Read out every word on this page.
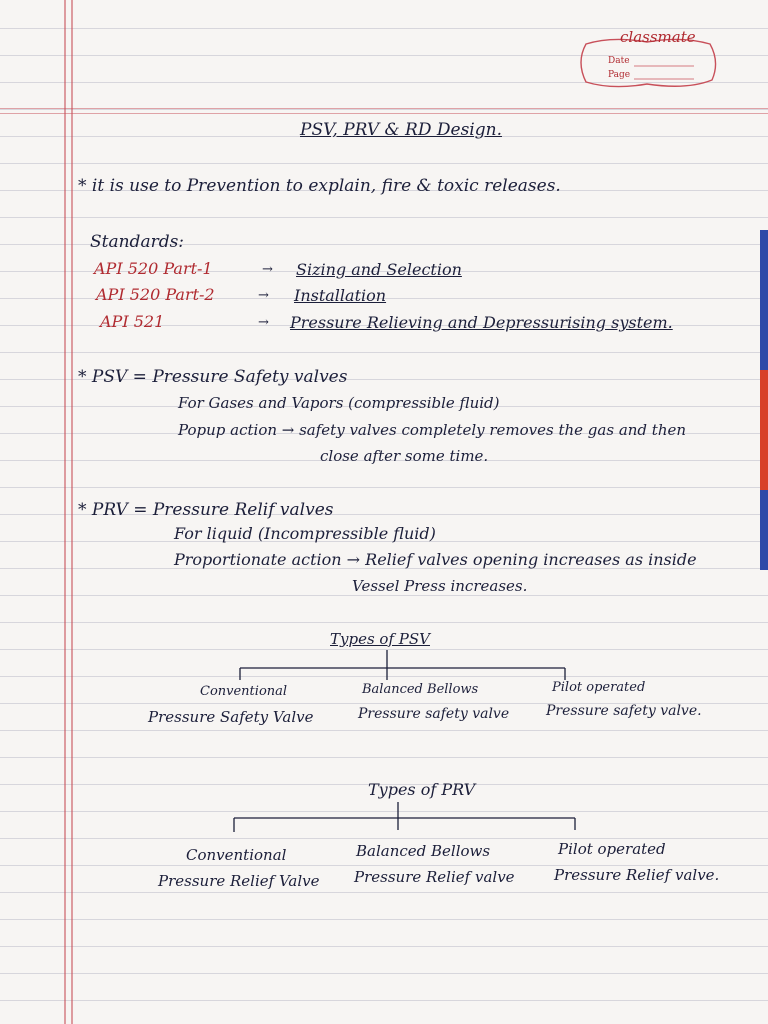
classmate
Date
Page
PSV, PRV & RD Design.
* it is use to Prevention to explain, fire & toxic releases.
Standards:
API 520 Part-1	→ Sizing and Selection
API 520 Part-2	→ Installation
API 521	→ Pressure Relieving and Depressurising system.
* PSV = Pressure Safety valves
For Gases and Vapors (compressible fluid)
Popup action → safety valves completely removes the gas and then
close after some time.
* PRV = Pressure Relif valves
For liquid (Incompressible fluid)
Proportionate action → Relief valves opening increases as inside
Vessel Press increases.
Types of PSV
Conventional
Pressure Safety Valve
Balanced Bellows
Pressure safety valve
Pilot operated
Pressure safety valve.
Types of PRV
Conventional
Pressure Relief Valve
Balanced Bellows
Pressure Relief valve
Pilot operated
Pressure Relief valve.
